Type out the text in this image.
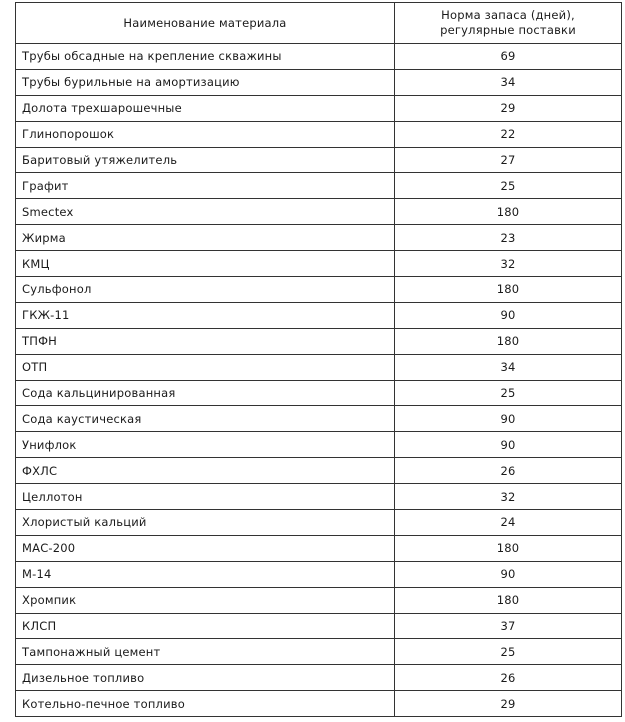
Наименование материала	Норма запаса (дней),
регулярные поставки

Трубы обсадные на крепление скважины	69
Трубы бурильные на амортизацию	34
Долота трехшарошечные	29
Глинопорошок	22
Баритовый утяжелитель	27
Графит	25
Smectex	180
Жирма	23
КМЦ	32
Сульфонол	180
ГКЖ-11	90
ТПФН	180
ОТП	34
Сода кальцинированная	25
Сода каустическая	90
Унифлок	90
ФХЛС	26
Целлотон	32
Хлористый кальций	24
МАС-200	180
М-14	90
Хромпик	180
КЛСП	37
Тампонажный цемент	25
Дизельное топливо	26
Котельно-печное топливо	29
